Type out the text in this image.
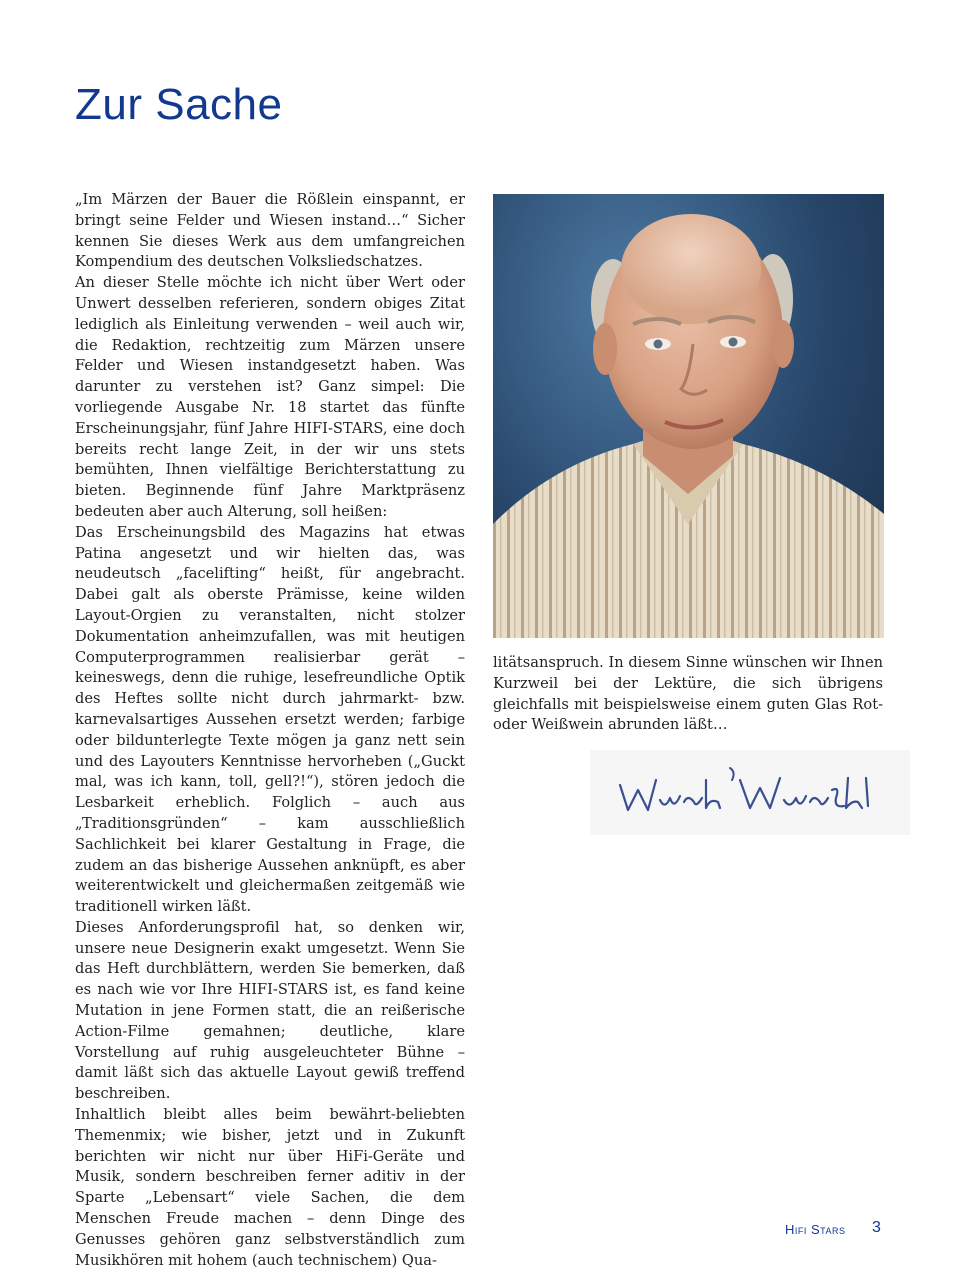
Zur Sache

„Im Märzen der Bauer die Rößlein einspannt, er bringt seine Felder und Wiesen instand…“ Sicher kennen Sie dieses Werk aus dem umfangreichen Kompendium des deutschen Volksliedschatzes.

An dieser Stelle möchte ich nicht über Wert oder Unwert desselben referieren, sondern obiges Zitat lediglich als Einleitung verwenden – weil auch wir, die Redaktion, rechtzeitig zum Märzen unsere Felder und Wiesen instandgesetzt haben. Was darunter zu verstehen ist? Ganz simpel: Die vorliegende Ausgabe Nr. 18 startet das fünfte Erscheinungsjahr, fünf Jahre HIFI-STARS, eine doch bereits recht lange Zeit, in der wir uns stets bemühten, Ihnen vielfältige Berichterstattung zu bieten. Beginnende fünf Jahre Marktpräsenz bedeuten aber auch Alterung, soll heißen:

Das Erscheinungsbild des Magazins hat etwas Patina angesetzt und wir hielten das, was neudeutsch „facelifting“ heißt, für angebracht. Dabei galt als oberste Prämisse, keine wilden Layout-Orgien zu veranstalten, nicht stolzer Dokumentation anheimzufallen, was mit heutigen Computerprogrammen realisierbar gerät – keineswegs, denn die ruhige, lesefreundliche Optik des Heftes sollte nicht durch jahrmarkt- bzw. karnevalsartiges Aussehen ersetzt werden; farbige oder bildunterlegte Texte mögen ja ganz nett sein und des Layouters Kenntnisse hervorheben („Guckt mal, was ich kann, toll, gell?!“), stören jedoch die Lesbarkeit erheblich. Folglich – auch aus „Traditionsgründen“ – kam ausschließlich Sachlichkeit bei klarer Gestaltung in Frage, die zudem an das bisherige Aussehen anknüpft, es aber weiterentwickelt und gleichermaßen zeitgemäß wie traditionell wirken läßt.

Dieses Anforderungsprofil hat, so denken wir, unsere neue Designerin exakt umgesetzt. Wenn Sie das Heft durchblättern, werden Sie bemerken, daß es nach wie vor Ihre HIFI-STARS ist, es fand keine Mutation in jene Formen statt, die an reißerische Action-Filme gemahnen; deutliche, klare Vorstellung auf ruhig ausgeleuchteter Bühne – damit läßt sich das aktuelle Layout gewiß treffend beschreiben.

Inhaltlich bleibt alles beim bewährt-beliebten Themenmix; wie bisher, jetzt und in Zukunft berichten wir nicht nur über HiFi-Geräte und Musik, sondern beschreiben ferner aditiv in der Sparte „Lebensart“ viele Sachen, die dem Menschen Freude machen – denn Dinge des Genusses gehören ganz selbstverständlich zum Musikhören mit hohem (auch technischem) Qua-

litätsanspruch. In diesem Sinne wünschen wir Ihnen Kurzweil bei der Lektüre, die sich übrigens gleichfalls mit beispielsweise einem guten Glas Rot- oder Weißwein abrunden läßt…

Hifi Stars 3
